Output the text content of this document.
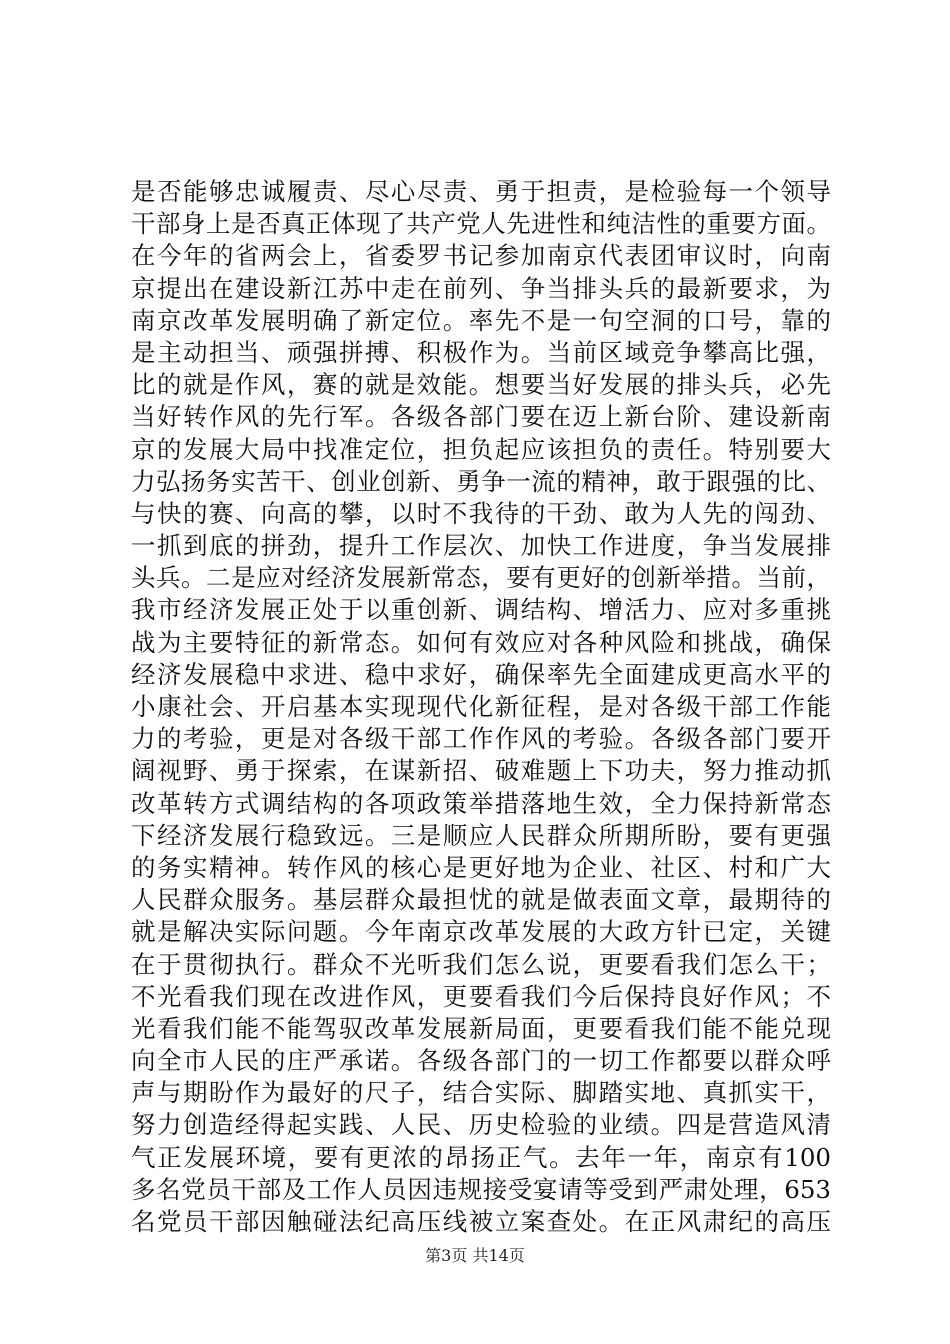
是否能够忠诚履责、尽心尽责、勇于担责，是检验每一个领导
干部身上是否真正体现了共产党人先进性和纯洁性的重要方面。
在今年的省两会上，省委罗书记参加南京代表团审议时，向南
京提出在建设新江苏中走在前列、争当排头兵的最新要求，为
南京改革发展明确了新定位。率先不是一句空洞的口号，靠的
是主动担当、顽强拼搏、积极作为。当前区域竞争攀高比强，
比的就是作风，赛的就是效能。想要当好发展的排头兵，必先
当好转作风的先行军。各级各部门要在迈上新台阶、建设新南
京的发展大局中找准定位，担负起应该担负的责任。特别要大
力弘扬务实苦干、创业创新、勇争一流的精神，敢于跟强的比、
与快的赛、向高的攀，以时不我待的干劲、敢为人先的闯劲、
一抓到底的拼劲，提升工作层次、加快工作进度，争当发展排
头兵。二是应对经济发展新常态，要有更好的创新举措。当前，
我市经济发展正处于以重创新、调结构、增活力、应对多重挑
战为主要特征的新常态。如何有效应对各种风险和挑战，确保
经济发展稳中求进、稳中求好，确保率先全面建成更高水平的
小康社会、开启基本实现现代化新征程，是对各级干部工作能
力的考验，更是对各级干部工作作风的考验。各级各部门要开
阔视野、勇于探索，在谋新招、破难题上下功夫，努力推动抓
改革转方式调结构的各项政策举措落地生效，全力保持新常态
下经济发展行稳致远。三是顺应人民群众所期所盼，要有更强
的务实精神。转作风的核心是更好地为企业、社区、村和广大
人民群众服务。基层群众最担忧的就是做表面文章，最期待的
就是解决实际问题。今年南京改革发展的大政方针已定，关键
在于贯彻执行。群众不光听我们怎么说，更要看我们怎么干；
不光看我们现在改进作风，更要看我们今后保持良好作风；不
光看我们能不能驾驭改革发展新局面，更要看我们能不能兑现
向全市人民的庄严承诺。各级各部门的一切工作都要以群众呼
声与期盼作为最好的尺子，结合实际、脚踏实地、真抓实干，
努力创造经得起实践、人民、历史检验的业绩。四是营造风清
气正发展环境，要有更浓的昂扬正气。去年一年，南京有100
多名党员干部及工作人员因违规接受宴请等受到严肃处理，653
名党员干部因触碰法纪高压线被立案查处。在正风肃纪的高压
第3页 共14页
